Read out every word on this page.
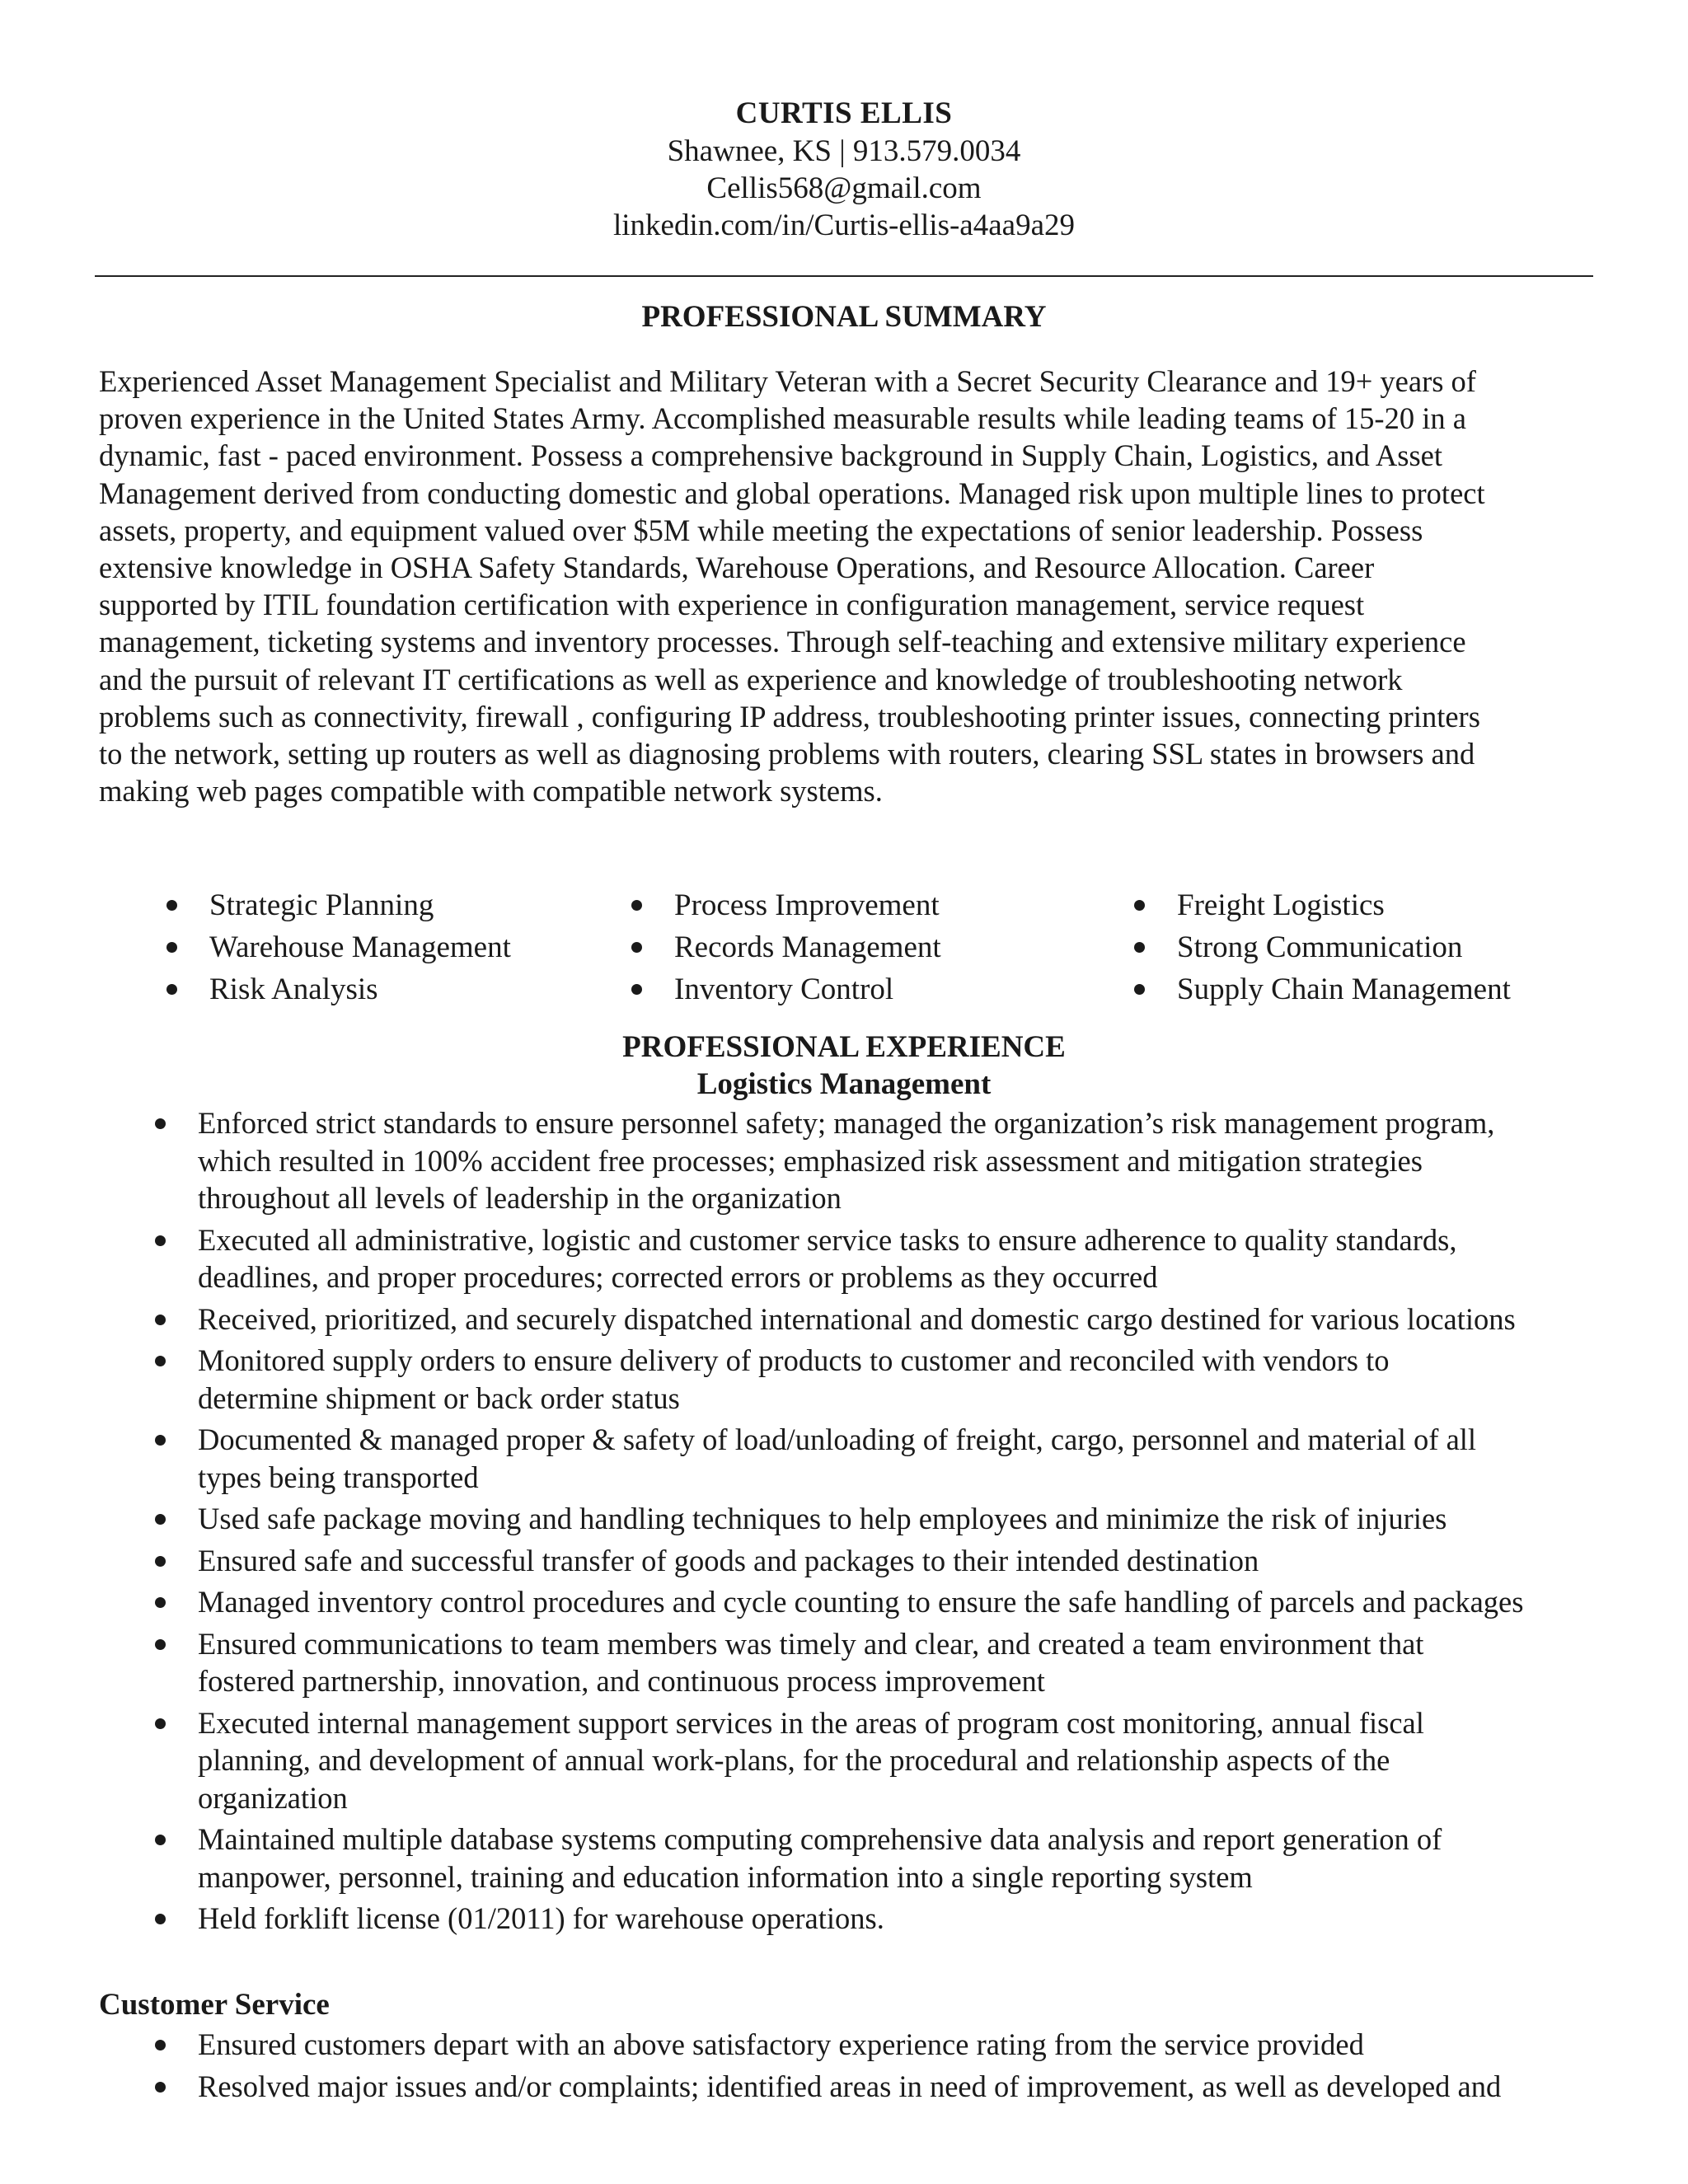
CURTIS ELLIS
Shawnee, KS | 913.579.0034
Cellis568@gmail.com
linkedin.com/in/Curtis-ellis-a4aa9a29
PROFESSIONAL SUMMARY
Experienced Asset Management Specialist and Military Veteran with a Secret Security Clearance and 19+ years of
proven experience in the United States Army. Accomplished measurable results while leading teams of 15-20 in a
dynamic, fast - paced environment. Possess a comprehensive background in Supply Chain, Logistics, and Asset
Management derived from conducting domestic and global operations. Managed risk upon multiple lines to protect
assets, property, and equipment valued over $5M while meeting the expectations of senior leadership. Possess
extensive knowledge in OSHA Safety Standards, Warehouse Operations, and Resource Allocation. Career
supported by ITIL foundation certification with experience in configuration management, service request
management, ticketing systems and inventory processes. Through self-teaching and extensive military experience
and the pursuit of relevant IT certifications as well as experience and knowledge of troubleshooting network
problems such as connectivity, firewall , configuring IP address, troubleshooting printer issues, connecting printers
to the network, setting up routers as well as diagnosing problems with routers, clearing SSL states in browsers and
making web pages compatible with compatible network systems.
Strategic Planning
Warehouse Management
Risk Analysis
Process Improvement
Records Management
Inventory Control
Freight Logistics
Strong Communication
Supply Chain Management
PROFESSIONAL EXPERIENCE
Logistics Management
Enforced strict standards to ensure personnel safety; managed the organization’s risk management program,
which resulted in 100% accident free processes; emphasized risk assessment and mitigation strategies
throughout all levels of leadership in the organization
Executed all administrative, logistic and customer service tasks to ensure adherence to quality standards,
deadlines, and proper procedures; corrected errors or problems as they occurred
Received, prioritized, and securely dispatched international and domestic cargo destined for various locations
Monitored supply orders to ensure delivery of products to customer and reconciled with vendors to
determine shipment or back order status
Documented & managed proper & safety of load/unloading of freight, cargo, personnel and material of all
types being transported
Used safe package moving and handling techniques to help employees and minimize the risk of injuries
Ensured safe and successful transfer of goods and packages to their intended destination
Managed inventory control procedures and cycle counting to ensure the safe handling of parcels and packages
Ensured communications to team members was timely and clear, and created a team environment that
fostered partnership, innovation, and continuous process improvement
Executed internal management support services in the areas of program cost monitoring, annual fiscal
planning, and development of annual work-plans, for the procedural and relationship aspects of the
organization
Maintained multiple database systems computing comprehensive data analysis and report generation of
manpower, personnel, training and education information into a single reporting system
Held forklift license (01/2011) for warehouse operations.
Customer Service
Ensured customers depart with an above satisfactory experience rating from the service provided
Resolved major issues and/or complaints; identified areas in need of improvement, as well as developed and
